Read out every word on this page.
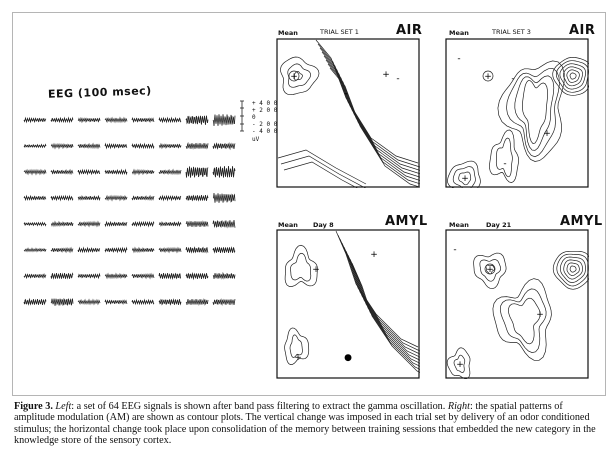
EEG (100 msec)
+ 4 0 0
+ 2 0 0
0
- 2 0 0
- 4 0 0
uV
Mean	TRIAL SET 1	AIR
+	+ -
-
Mean	TRIAL SET 3	AIR
+ -
-
+
-
+
Mean Day 8	AMYL
+
+
+	●
Mean	Day 21	AMYL
+
-
+
+
Figure 3. Left: a set of 64 EEG signals is shown after band pass filtering to extract the gamma oscillation. Right: the spatial patterns of amplitude modulation (AM) are shown as contour plots. The vertical change was imposed in each trial set by delivery of an odor conditioned stimulus; the horizontal change took place upon consolidation of the memory between training sessions that embedded the new category in the knowledge store of the sensory cortex.
